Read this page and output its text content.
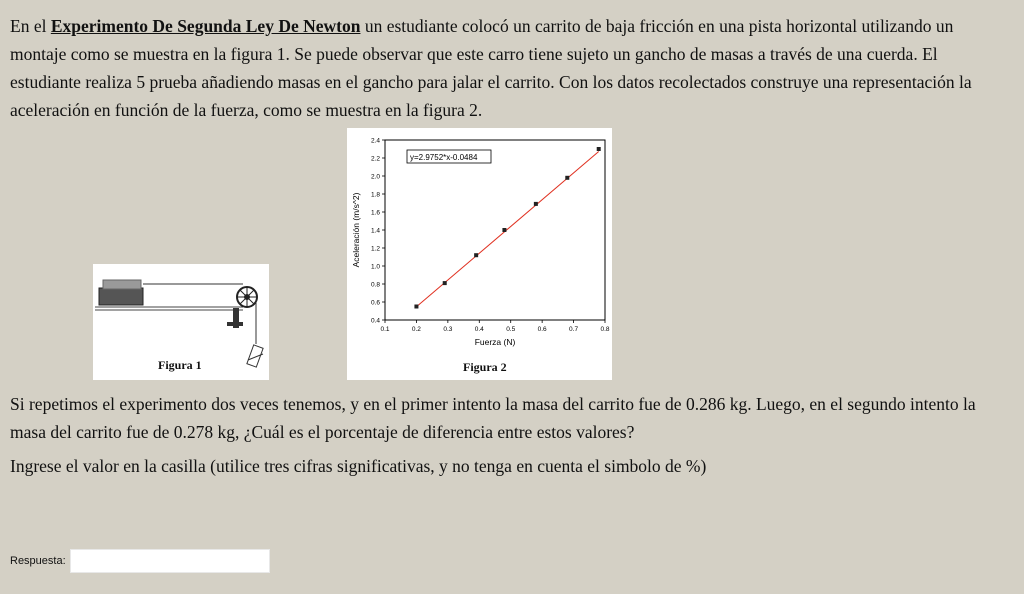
En el Experimento De Segunda Ley De Newton un estudiante colocó un carrito de baja fricción en una pista horizontal utilizando un montaje como se muestra en la figura 1. Se puede observar que este carro tiene sujeto un gancho de masas a través de una cuerda. El estudiante realiza 5 prueba añadiendo masas en el gancho para jalar el carrito. Con los datos recolectados construye una representación la aceleración en función de la fuerza, como se muestra en la figura 2.

Figura 1
0.4
0.6
0.8
1.0
1.2
1.4
1.6
1.8
2.0
2.2
2.4
0.1	0.2	0.3	0.4	0.5	0.6	0.7	0.8
y=2.9752*x-0.0484
Fuerza (N)
Aceleración (m/s^2)
Figura 2

Si repetimos el experimento dos veces tenemos, y en el primer intento la masa del carrito fue de 0.286 kg. Luego, en el segundo intento la masa del carrito fue de 0.278 kg, ¿Cuál es el porcentaje de diferencia entre estos valores?

Ingrese el valor en la casilla (utilice tres cifras significativas, y no tenga en cuenta el simbolo de %)

Respuesta:
